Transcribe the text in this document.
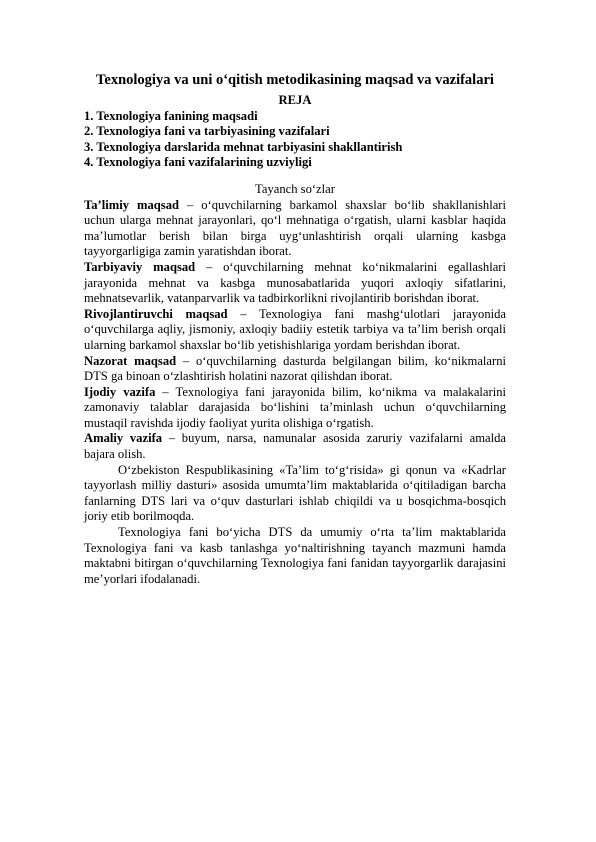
Texnologiya va uni o‘qitish metodikasining maqsad va vazifalari
REJA
1. Texnologiya fanining maqsadi
2. Texnologiya fani va tarbiyasining vazifalari
3. Texnologiya darslarida mehnat tarbiyasini shakllantirish
4. Texnologiya fani vazifalarining uzviyligi
Tayanch so‘zlar

Ta’limiy maqsad – o‘quvchilarning barkamol shaxslar bo‘lib shakllanishlari uchun ularga mehnat jarayonlari, qo‘l mehnatiga o‘rgatish, ularni kasblar haqida ma’lumotlar berish bilan birga uyg‘unlashtirish orqali ularning kasbga tayyorgarligiga zamin yaratishdan iborat.

Tarbiyaviy maqsad – o‘quvchilarning mehnat ko‘nikmalarini egallashlari jarayonida mehnat va kasbga munosabatlarida yuqori axloqiy sifatlarini, mehnatsevarlik, vatanparvarlik va tadbirkorlikni rivojlantirib borishdan iborat.

Rivojlantiruvchi maqsad – Texnologiya fani mashg‘ulotlari jarayonida o‘quvchilarga aqliy, jismoniy, axloqiy badiiy estetik tarbiya va ta’lim berish orqali ularning barkamol shaxslar bo‘lib yetishishlariga yordam berishdan iborat.

Nazorat maqsad – o‘quvchilarning dasturda belgilangan bilim, ko‘nikmalarni DTS ga binoan o‘zlashtirish holatini nazorat qilishdan iborat.

Ijodiy vazifa – Texnologiya fani jarayonida bilim, ko‘nikma va malakalarini zamonaviy talablar darajasida bo‘lishini ta’minlash uchun o‘quvchilarning mustaqil ravishda ijodiy faoliyat yurita olishiga o‘rgatish.

Amaliy vazifa – buyum, narsa, namunalar asosida zaruriy vazifalarni amalda bajara olish.

O‘zbekiston Respublikasining «Ta’lim to‘g‘risida» gi qonun va «Kadrlar tayyorlash milliy dasturi» asosida umumta’lim maktablarida o‘qitiladigan barcha fanlarning DTS lari va o‘quv dasturlari ishlab chiqildi va u bosqichma-bosqich joriy etib borilmoqda.

Texnologiya fani bo‘yicha DTS da umumiy o‘rta ta’lim maktablarida Texnologiya fani va kasb tanlashga yo‘naltirishning tayanch mazmuni hamda maktabni bitirgan o‘quvchilarning Texnologiya fani fanidan tayyorgarlik darajasini me’yorlari ifodalanadi.
